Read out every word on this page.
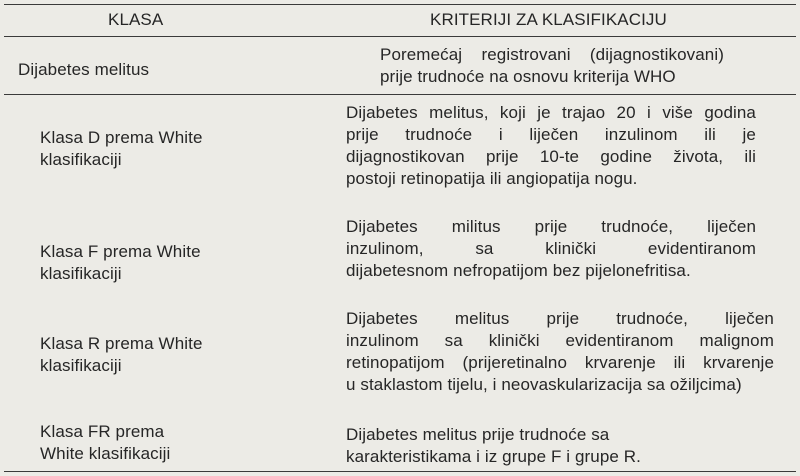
KLASA	KRITERIJI ZA KLASIFIKACIJU
Dijabetes melitus
Poremećaj registrovani (dijagnostikovani)
prije trudnoće na osnovu kriterija WHO
Klasa D prema White
klasifikaciji
Dijabetes melitus, koji je trajao 20 i više godina
prije trudnoće i liječen inzulinom ili je
dijagnostikovan prije 10-te godine života, ili
postoji retinopatija ili angiopatija nogu.
Klasa F prema White
klasifikaciji
Dijabetes militus prije trudnoće, liječen
inzulinom, sa klinički evidentiranom
dijabetesnom nefropatijom bez pijelonefritisa.
Klasa R prema White
klasifikaciji
Dijabetes melitus prije trudnoće, liječen
inzulinom sa klinički evidentiranom malignom
retinopatijom (prijeretinalno krvarenje ili krvarenje
u staklastom tijelu, i neovaskularizacija sa ožiljcima)
Klasa FR prema
White klasifikaciji
Dijabetes melitus prije trudnoće sa
karakteristikama i iz grupe F i grupe R.
